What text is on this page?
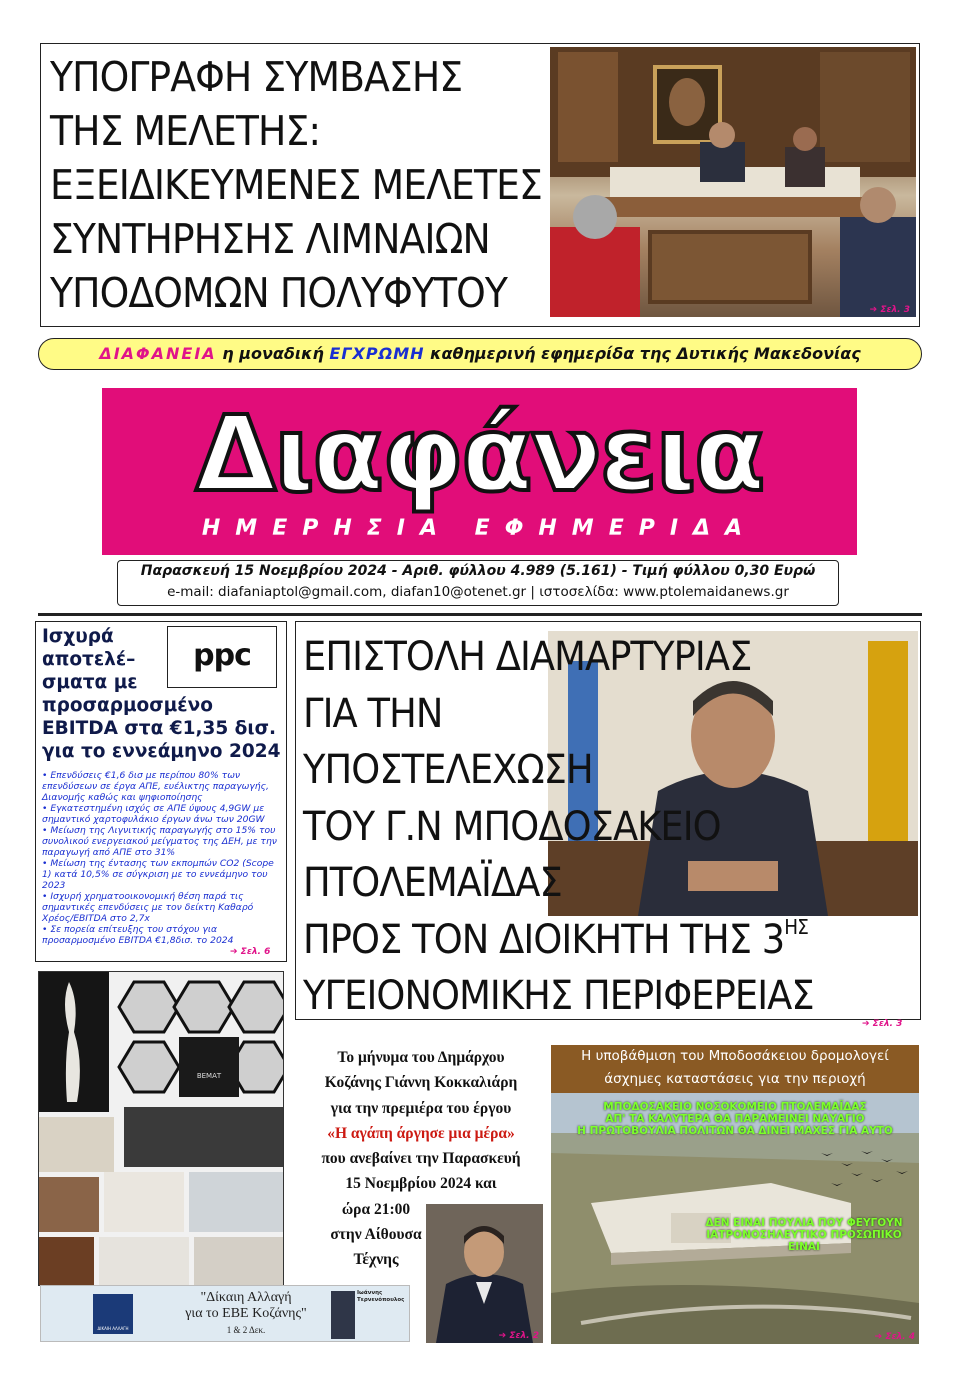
ΥΠΟΓΡΑΦΗ ΣΥΜΒΑΣΗΣ
ΤΗΣ ΜΕΛΕΤΗΣ:
ΕΞΕΙΔΙΚΕΥΜΕΝΕΣ ΜΕΛΕΤΕΣ
ΣΥΝΤΗΡΗΣΗΣ ΛΙΜΝΑΙΩΝ
ΥΠΟΔΟΜΩΝ ΠΟΛΥΦΥΤΟΥ	➔ Σελ. 3
ΔΙΑΦΑΝΕΙΑ η μοναδική ΕΓΧΡΩΜΗ καθημερινή εφημερίδα της Δυτικής Μακεδονίας
Διαφάνεια
ΗΜΕΡΗΣΙΑ ΕΦΗΜΕΡΙΔΑ
Παρασκευή 15 Νοεμβρίου 2024 - Αριθ. φύλλου 4.989 (5.161) - Τιμή φύλλου 0,30 Ευρώ
e-mail: diafaniaptol@gmail.com, diafan10@otenet.gr | ιστοσελίδα: www.ptolemaidanews.gr
Ισχυρά
αποτελέ–
σματα με
προσαρμοσμένο
EBITDA στα €1,35 δισ.
για το εννεάμηνο 2024
ppc
• Επενδύσεις €1,6 δισ με περίπου 80% των επενδύσεων σε έργα ΑΠΕ, ευέλικτης παραγωγής, Διανομής καθώς και ψηφιοποίησης
• Εγκατεστημένη ισχύς σε ΑΠΕ ύψους 4,9GW με σημαντικό χαρτοφυλάκιο έργων άνω των 20GW
• Μείωση της Λιγνιτικής παραγωγής στο 15% του συνολικού ενεργειακού μείγματος της ΔΕΗ, με την παραγωγή από ΑΠΕ στο 31%
• Μείωση της έντασης των εκπομπών CO2 (Scope 1) κατά 10,5% σε σύγκριση με το εννεάμηνο του 2023
• Ισχυρή χρηματοοικονομική θέση παρά τις σημαντικές επενδύσεις με τον δείκτη Καθαρό Χρέος/EBITDA στο 2,7x
• Σε πορεία επίτευξης του στόχου για προσαρμοσμένο EBITDA €1,8δισ. το 2024
➔ Σελ. 6
ΕΠΙΣΤΟΛΗ ΔΙΑΜΑΡΤΥΡΙΑΣ
ΓΙΑ ΤΗΝ
ΥΠΟΣΤΕΛΕΧΩΣΗ
ΤΟΥ Γ.Ν ΜΠΟΔΟΣΑΚΕΙΟ
ΠΤΟΛΕΜΑΪΔΑΣ
ΠΡΟΣ ΤΟΝ ΔΙΟΙΚΗΤΗ ΤΗΣ $3^{H\Sigma}$
ΥΓΕΙΟΝΟΜΙΚΗΣ ΠΕΡΙΦΕΡΕΙΑΣ
➔ Σελ. 3
ΒΕΜΑΤ
Το μήνυμα του Δημάρχου
Κοζάνης Γιάννη Κοκκαλιάρη
για την πρεμιέρα του έργου
«Η αγάπη άργησε μια μέρα»
που ανεβαίνει την Παρασκευή
15 Νοεμβρίου 2024 και
ώρα 21:00
στην Αίθουσα
Τέχνης
➔ Σελ. 2
ΔΙΚΑΙΗ ΑΛΛΑΓΗ
"Δίκαιη Αλλαγή
για το ΕΒΕ Κοζάνης"
1 & 2 Δεκ.
Ιωάννης Τερνενόπουλος
Η υποβάθμιση του Μποδοσάκειου δρομολογεί
άσχημες καταστάσεις για την περιοχή
ΜΠΟΔΟΣΑΚΕΙΟ ΝΟΣΟΚΟΜΕΙΟ ΠΤΟΛΕΜΑΪΔΑΣ
ΑΠ' ΤΑ ΚΑΛΥΤΕΡΑ ΘΑ ΠΑΡΑΜΕΙΝΕΙ ΝΑΥΑΓΙΟ
Η ΠΡΩΤΟΒΟΥΛΙΑ ΠΟΛΙΤΩΝ ΘΑ ΔΙΝΕΙ ΜΑΧΕΣ ΓΙΑ ΑΥΤΟ
ΔΕΝ ΕΙΝΑΙ ΠΟΥΛΙΑ ΠΟΥ ΦΕΥΓΟΥΝ
ΙΑΤΡΟΝΟΣΗΛΕΥΤΙΚΟ ΠΡΟΣΩΠΙΚΟ
ΕΙΝΑΙ
➔ Σελ. 4
